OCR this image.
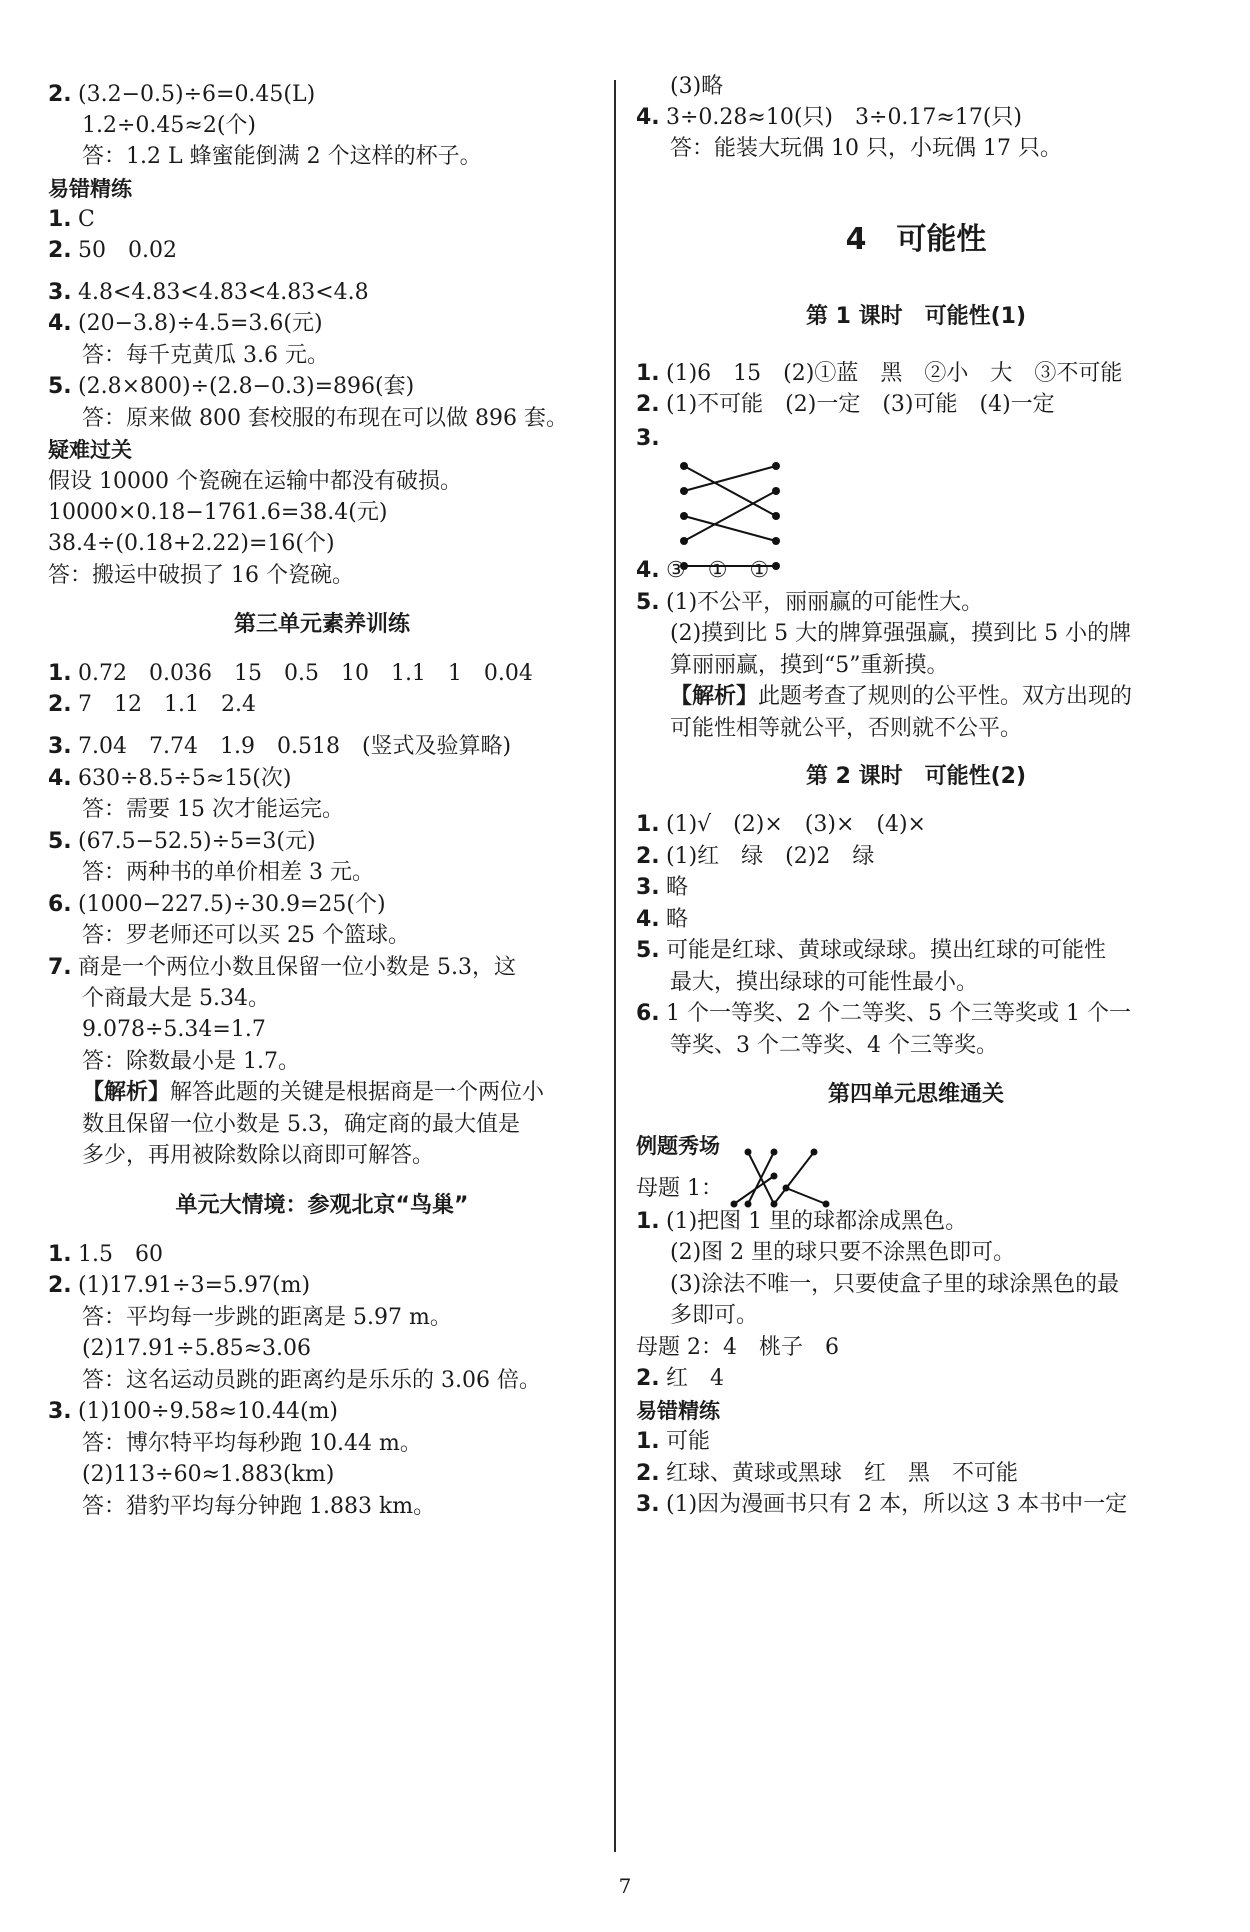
2. (3.2−0.5)÷6=0.45(L)
1.2÷0.45≈2(个)
答：1.2 L 蜂蜜能倒满 2 个这样的杯子。
易错精练
1. C
2. 50　0.02
3. 4.8<4.83<4.83<4.83<4.8
4. (20−3.8)÷4.5=3.6(元)
答：每千克黄瓜 3.6 元。
5. (2.8×800)÷(2.8−0.3)=896(套)
答：原来做 800 套校服的布现在可以做 896 套。
疑难过关
假设 10000 个瓷碗在运输中都没有破损。
10000×0.18−1761.6=38.4(元)
38.4÷(0.18+2.22)=16(个)
答：搬运中破损了 16 个瓷碗。
第三单元素养训练
1. 0.72　0.036　15　0.5　10　1.1　1　0.04
2. 7　12　1.1　2.4
3. 7.04　7.74　1.9　0.518　(竖式及验算略)
4. 630÷8.5÷5≈15(次)
答：需要 15 次才能运完。
5. (67.5−52.5)÷5=3(元)
答：两种书的单价相差 3 元。
6. (1000−227.5)÷30.9=25(个)
答：罗老师还可以买 25 个篮球。
7. 商是一个两位小数且保留一位小数是 5.3，这
个商最大是 5.34。
9.078÷5.34=1.7
答：除数最小是 1.7。
【解析】解答此题的关键是根据商是一个两位小
数且保留一位小数是 5.3，确定商的最大值是
多少，再用被除数除以商即可解答。
单元大情境：参观北京“鸟巢”
1. 1.5　60
2. (1)17.91÷3=5.97(m)
答：平均每一步跳的距离是 5.97 m。
(2)17.91÷5.85≈3.06
答：这名运动员跳的距离约是乐乐的 3.06 倍。
3. (1)100÷9.58≈10.44(m)
答：博尔特平均每秒跑 10.44 m。
(2)113÷60≈1.883(km)
答：猎豹平均每分钟跑 1.883 km。
(3)略
4. 3÷0.28≈10(只)　3÷0.17≈17(只)
答：能装大玩偶 10 只，小玩偶 17 只。
4　可能性
第 1 课时　可能性(1)
1. (1)6　15　(2)①蓝　黑　②小　大　③不可能
2. (1)不可能　(2)一定　(3)可能　(4)一定
3.
4. ③　①　①
5. (1)不公平，丽丽赢的可能性大。
(2)摸到比 5 大的牌算强强赢，摸到比 5 小的牌
算丽丽赢，摸到“5”重新摸。
【解析】此题考查了规则的公平性。双方出现的
可能性相等就公平，否则就不公平。
第 2 课时　可能性(2)
1. (1)√　(2)×　(3)×　(4)×
2. (1)红　绿　(2)2　绿
3. 略
4. 略
5. 可能是红球、黄球或绿球。摸出红球的可能性
最大，摸出绿球的可能性最小。
6. 1 个一等奖、2 个二等奖、5 个三等奖或 1 个一
等奖、3 个二等奖、4 个三等奖。
第四单元思维通关
例题秀场
母题 1：
1. (1)把图 1 里的球都涂成黑色。
(2)图 2 里的球只要不涂黑色即可。
(3)涂法不唯一，只要使盒子里的球涂黑色的最
多即可。
母题 2：4　桃子　6
2. 红　4
易错精练
1. 可能
2. 红球、黄球或黑球　红　黑　不可能
3. (1)因为漫画书只有 2 本，所以这 3 本书中一定
7
